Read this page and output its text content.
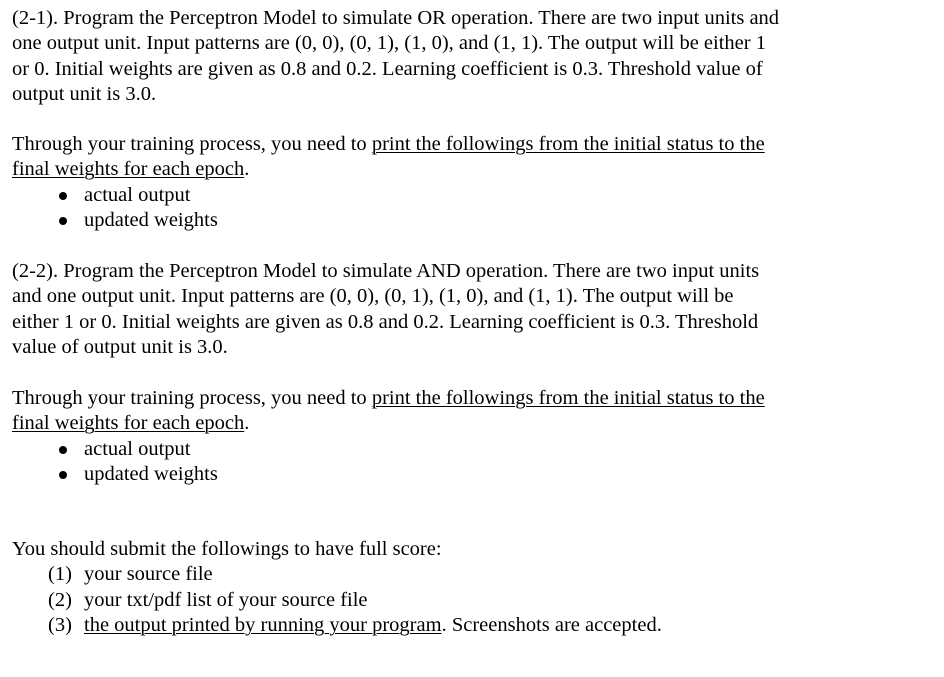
(2-1). Program the Perceptron Model to simulate OR operation. There are two input units and
one output unit. Input patterns are (0, 0), (0, 1), (1, 0), and (1, 1). The output will be either 1
or 0. Initial weights are given as 0.8 and 0.2. Learning coefficient is 0.3. Threshold value of
output unit is 3.0.
Through your training process, you need to print the followings from the initial status to the
final weights for each epoch.
actual output
updated weights
(2-2). Program the Perceptron Model to simulate AND operation. There are two input units
and one output unit. Input patterns are (0, 0), (0, 1), (1, 0), and (1, 1). The output will be
either 1 or 0. Initial weights are given as 0.8 and 0.2. Learning coefficient is 0.3. Threshold
value of output unit is 3.0.
Through your training process, you need to print the followings from the initial status to the
final weights for each epoch.
actual output
updated weights
You should submit the followings to have full score:
(1) your source file
(2) your txt/pdf list of your source file
(3) the output printed by running your program. Screenshots are accepted.
